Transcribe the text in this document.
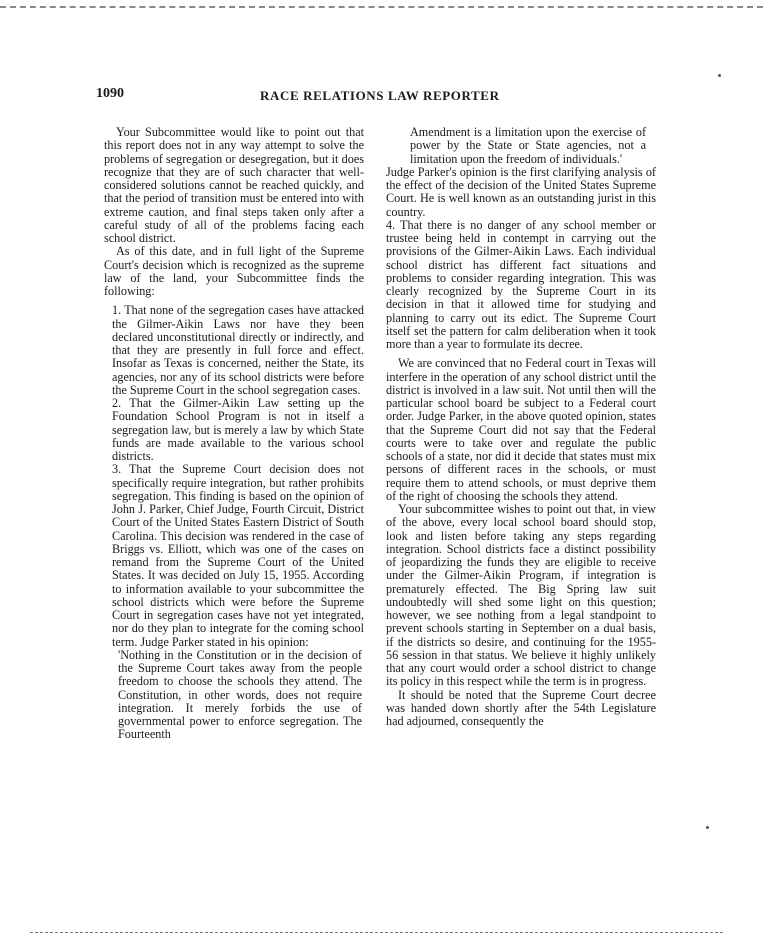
1090	RACE RELATIONS LAW REPORTER

Your Subcommittee would like to point out that this report does not in any way attempt to solve the problems of segregation or desegregation, but it does recognize that they are of such character that well-considered solutions cannot be reached quickly, and that the period of transition must be entered into with extreme caution, and final steps taken only after a careful study of all of the problems facing each school district.

As of this date, and in full light of the Supreme Court's decision which is recognized as the supreme law of the land, your Subcommittee finds the following:

1. That none of the segregation cases have attacked the Gilmer-Aikin Laws nor have they been declared unconstitutional directly or indirectly, and that they are presently in full force and effect. Insofar as Texas is concerned, neither the State, its agencies, nor any of its school districts were before the Supreme Court in the school segregation cases.

2. That the Gilmer-Aikin Law setting up the Foundation School Program is not in itself a segregation law, but is merely a law by which State funds are made available to the various school districts.

3. That the Supreme Court decision does not specifically require integration, but rather prohibits segregation. This finding is based on the opinion of John J. Parker, Chief Judge, Fourth Circuit, District Court of the United States Eastern District of South Carolina. This decision was rendered in the case of Briggs vs. Elliott, which was one of the cases on remand from the Supreme Court of the United States. It was decided on July 15, 1955. According to information available to your subcommittee the school districts which were before the Supreme Court in segregation cases have not yet integrated, nor do they plan to integrate for the coming school term. Judge Parker stated in his opinion:

'Nothing in the Constitution or in the decision of the Supreme Court takes away from the people freedom to choose the schools they attend. The Constitution, in other words, does not require integration. It merely forbids the use of governmental power to enforce segregation. The Fourteenth

Amendment is a limitation upon the exercise of power by the State or State agencies, not a limitation upon the freedom of individuals.'

Judge Parker's opinion is the first clarifying analysis of the effect of the decision of the United States Supreme Court. He is well known as an outstanding jurist in this country.

4. That there is no danger of any school member or trustee being held in contempt in carrying out the provisions of the Gilmer-Aikin Laws. Each individual school district has different fact situations and problems to consider regarding integration. This was clearly recognized by the Supreme Court in its decision in that it allowed time for studying and planning to carry out its edict. The Supreme Court itself set the pattern for calm deliberation when it took more than a year to formulate its decree.

We are convinced that no Federal court in Texas will interfere in the operation of any school district until the district is involved in a law suit. Not until then will the particular school board be subject to a Federal court order. Judge Parker, in the above quoted opinion, states that the Supreme Court did not say that the Federal courts were to take over and regulate the public schools of a state, nor did it decide that states must mix persons of different races in the schools, or must require them to attend schools, or must deprive them of the right of choosing the schools they attend.

Your subcommittee wishes to point out that, in view of the above, every local school board should stop, look and listen before taking any steps regarding integration. School districts face a distinct possibility of jeopardizing the funds they are eligible to receive under the Gilmer-Aikin Program, if integration is prematurely effected. The Big Spring law suit undoubtedly will shed some light on this question; however, we see nothing from a legal standpoint to prevent schools starting in September on a dual basis, if the districts so desire, and continuing for the 1955-56 session in that status. We believe it highly unlikely that any court would order a school district to change its policy in this respect while the term is in progress.

It should be noted that the Supreme Court decree was handed down shortly after the 54th Legislature had adjourned, consequently the
